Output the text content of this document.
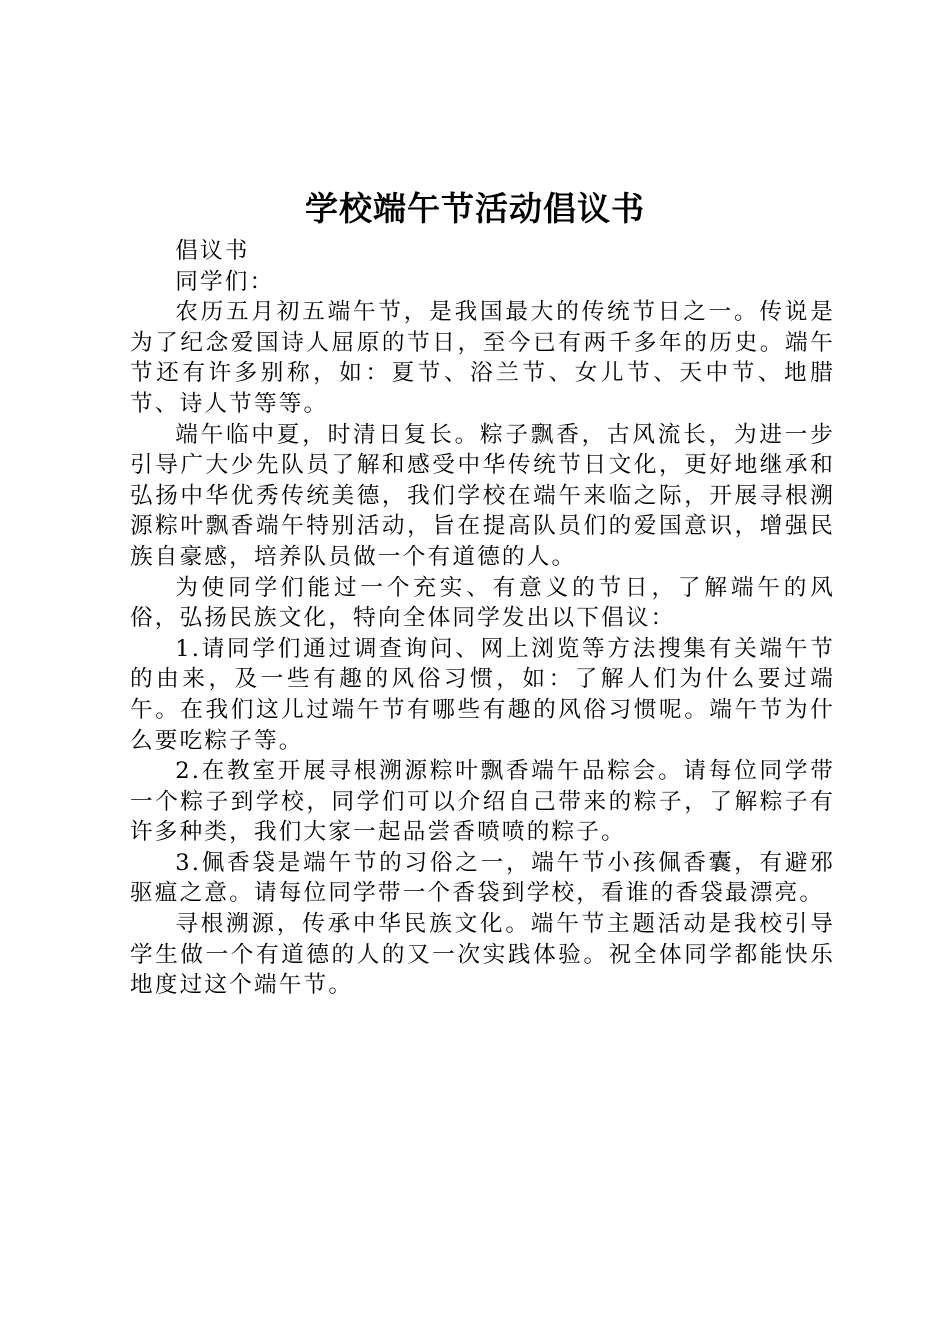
学校端午节活动倡议书

倡议书

同学们：

农历五月初五端午节，是我国最大的传统节日之一。传说是为了纪念爱国诗人屈原的节日，至今已有两千多年的历史。端午节还有许多别称，如：夏节、浴兰节、女儿节、天中节、地腊节、诗人节等等。

端午临中夏，时清日复长。粽子飘香，古风流长，为进一步引导广大少先队员了解和感受中华传统节日文化，更好地继承和弘扬中华优秀传统美德，我们学校在端午来临之际，开展寻根溯源粽叶飘香端午特别活动，旨在提高队员们的爱国意识，增强民族自豪感，培养队员做一个有道德的人。

为使同学们能过一个充实、有意义的节日，了解端午的风俗，弘扬民族文化，特向全体同学发出以下倡议：

1.请同学们通过调查询问、网上浏览等方法搜集有关端午节的由来，及一些有趣的风俗习惯，如：了解人们为什么要过端午。在我们这儿过端午节有哪些有趣的风俗习惯呢。端午节为什么要吃粽子等。

2.在教室开展寻根溯源粽叶飘香端午品粽会。请每位同学带一个粽子到学校，同学们可以介绍自己带来的粽子，了解粽子有许多种类，我们大家一起品尝香喷喷的粽子。

3.佩香袋是端午节的习俗之一，端午节小孩佩香囊，有避邪驱瘟之意。请每位同学带一个香袋到学校，看谁的香袋最漂亮。

寻根溯源，传承中华民族文化。端午节主题活动是我校引导学生做一个有道德的人的又一次实践体验。祝全体同学都能快乐地度过这个端午节。
